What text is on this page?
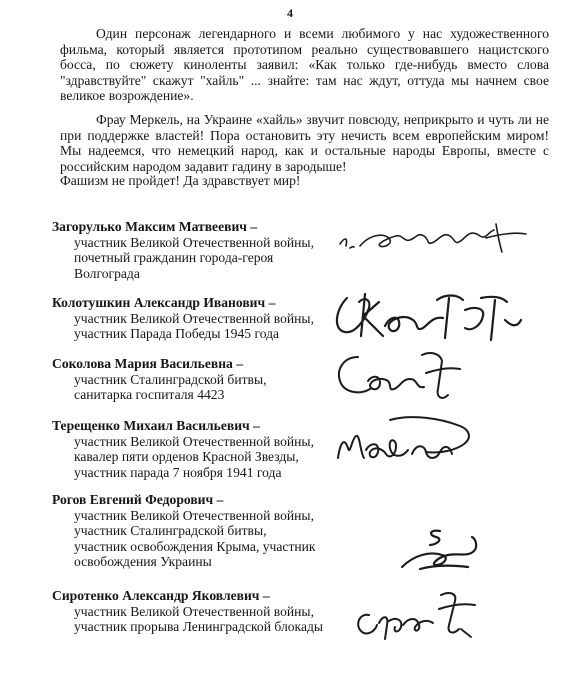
4

Один персонаж легендарного и всеми любимого у нас художественного фильма, который является прототипом реально существовавшего нацистского босса, по сюжету киноленты заявил: «Как только где-нибудь вместо слова "здравствуйте" скажут "хайль" ... знайте: там нас ждут, оттуда мы начнем свое великое возрождение».

Фрау Меркель, на Украине «хайль» звучит повсюду, неприкрыто и чуть ли не при поддержке властей! Пора остановить эту нечисть всем европейским миром! Мы надеемся, что немецкий народ, как и остальные народы Европы, вместе с российским народом задавит гадину в зародыше!

Фашизм не пройдет! Да здравствует мир!

Загорулько Максим Матвеевич –
участник Великой Отечественной войны,
почетный гражданин города-героя
Волгограда
Колотушкин Александр Иванович –
участник Великой Отечественной войны,
участник Парада Победы 1945 года
Соколова Мария Васильевна –
участник Сталинградской битвы,
санитарка госпиталя 4423
Терещенко Михаил Васильевич –
участник Великой Отечественной войны,
кавалер пяти орденов Красной Звезды,
участник парада 7 ноября 1941 года
Рогов Евгений Федорович –
участник Великой Отечественной войны,
участник Сталинградской битвы,
участник освобождения Крыма, участник
освобождения Украины
Сиротенко Александр Яковлевич –
участник Великой Отечественной войны,
участник прорыва Ленинградской блокады
